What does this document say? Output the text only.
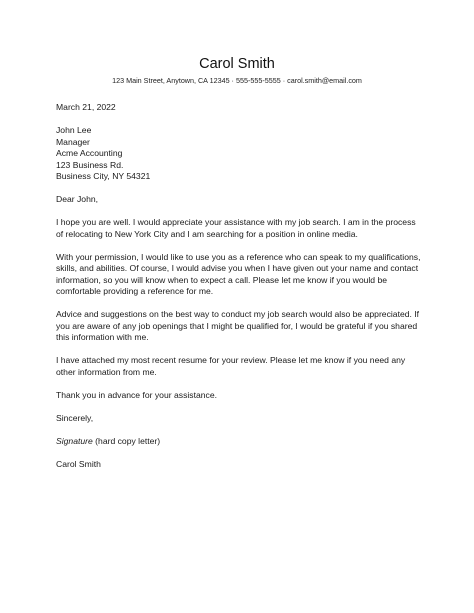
Carol Smith
123 Main Street, Anytown, CA 12345 · 555-555-5555 · carol.smith@email.com
March 21, 2022
John Lee
Manager
Acme Accounting
123 Business Rd.
Business City, NY 54321
Dear John,
I hope you are well. I would appreciate your assistance with my job search. I am in the process
of relocating to New York City and I am searching for a position in online media.
With your permission, I would like to use you as a reference who can speak to my qualifications,
skills, and abilities. Of course, I would advise you when I have given out your name and contact
information, so you will know when to expect a call. Please let me know if you would be
comfortable providing a reference for me.
Advice and suggestions on the best way to conduct my job search would also be appreciated. If
you are aware of any job openings that I might be qualified for, I would be grateful if you shared
this information with me.
I have attached my most recent resume for your review. Please let me know if you need any
other information from me.
Thank you in advance for your assistance.
Sincerely,
Signature (hard copy letter)
Carol Smith
